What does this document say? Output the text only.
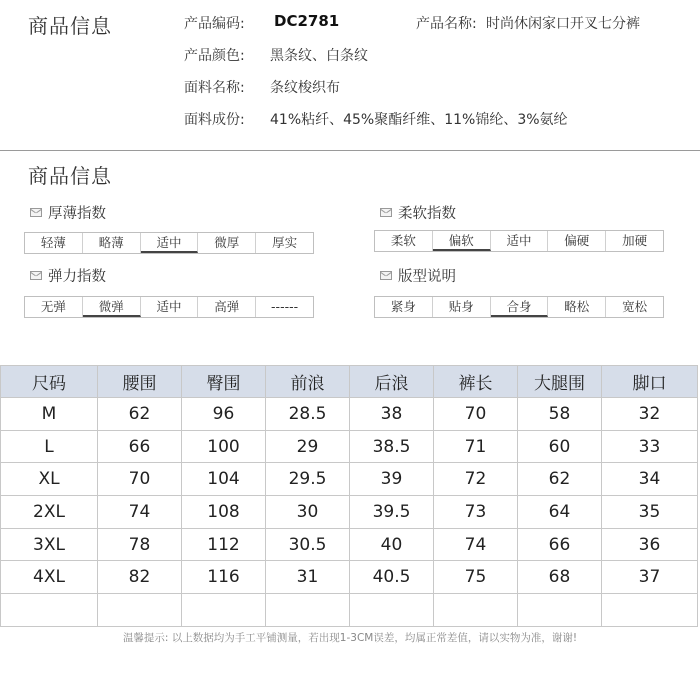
商品信息	产品编码: DC2781	产品名称: 时尚休闲家口开叉七分裤
产品颜色: 黑条纹、白条纹
面料名称: 条纹梭织布
面料成份: 41%粘纤、45%聚酯纤维、11%锦纶、3%氨纶
商品信息
厚薄指数
轻薄	略薄	适中	微厚	厚实
柔软指数
柔软	偏软	适中	偏硬	加硬
弹力指数
无弹	微弹	适中	高弹	------
版型说明
紧身	贴身	合身	略松	宽松
尺码	腰围	臀围	前浪	后浪	裤长	大腿围	脚口
M	62	96	28.5	38	70	58	32
L	66	100	29	38.5	71	60	33
XL	70	104	29.5	39	72	62	34
2XL	74	108	30	39.5	73	64	35
3XL	78	112	30.5	40	74	66	36
4XL	82	116	31	40.5	75	68	37

温馨提示: 以上数据均为手工平铺测量，若出现1-3CM误差，均属正常差值，请以实物为准，谢谢!
